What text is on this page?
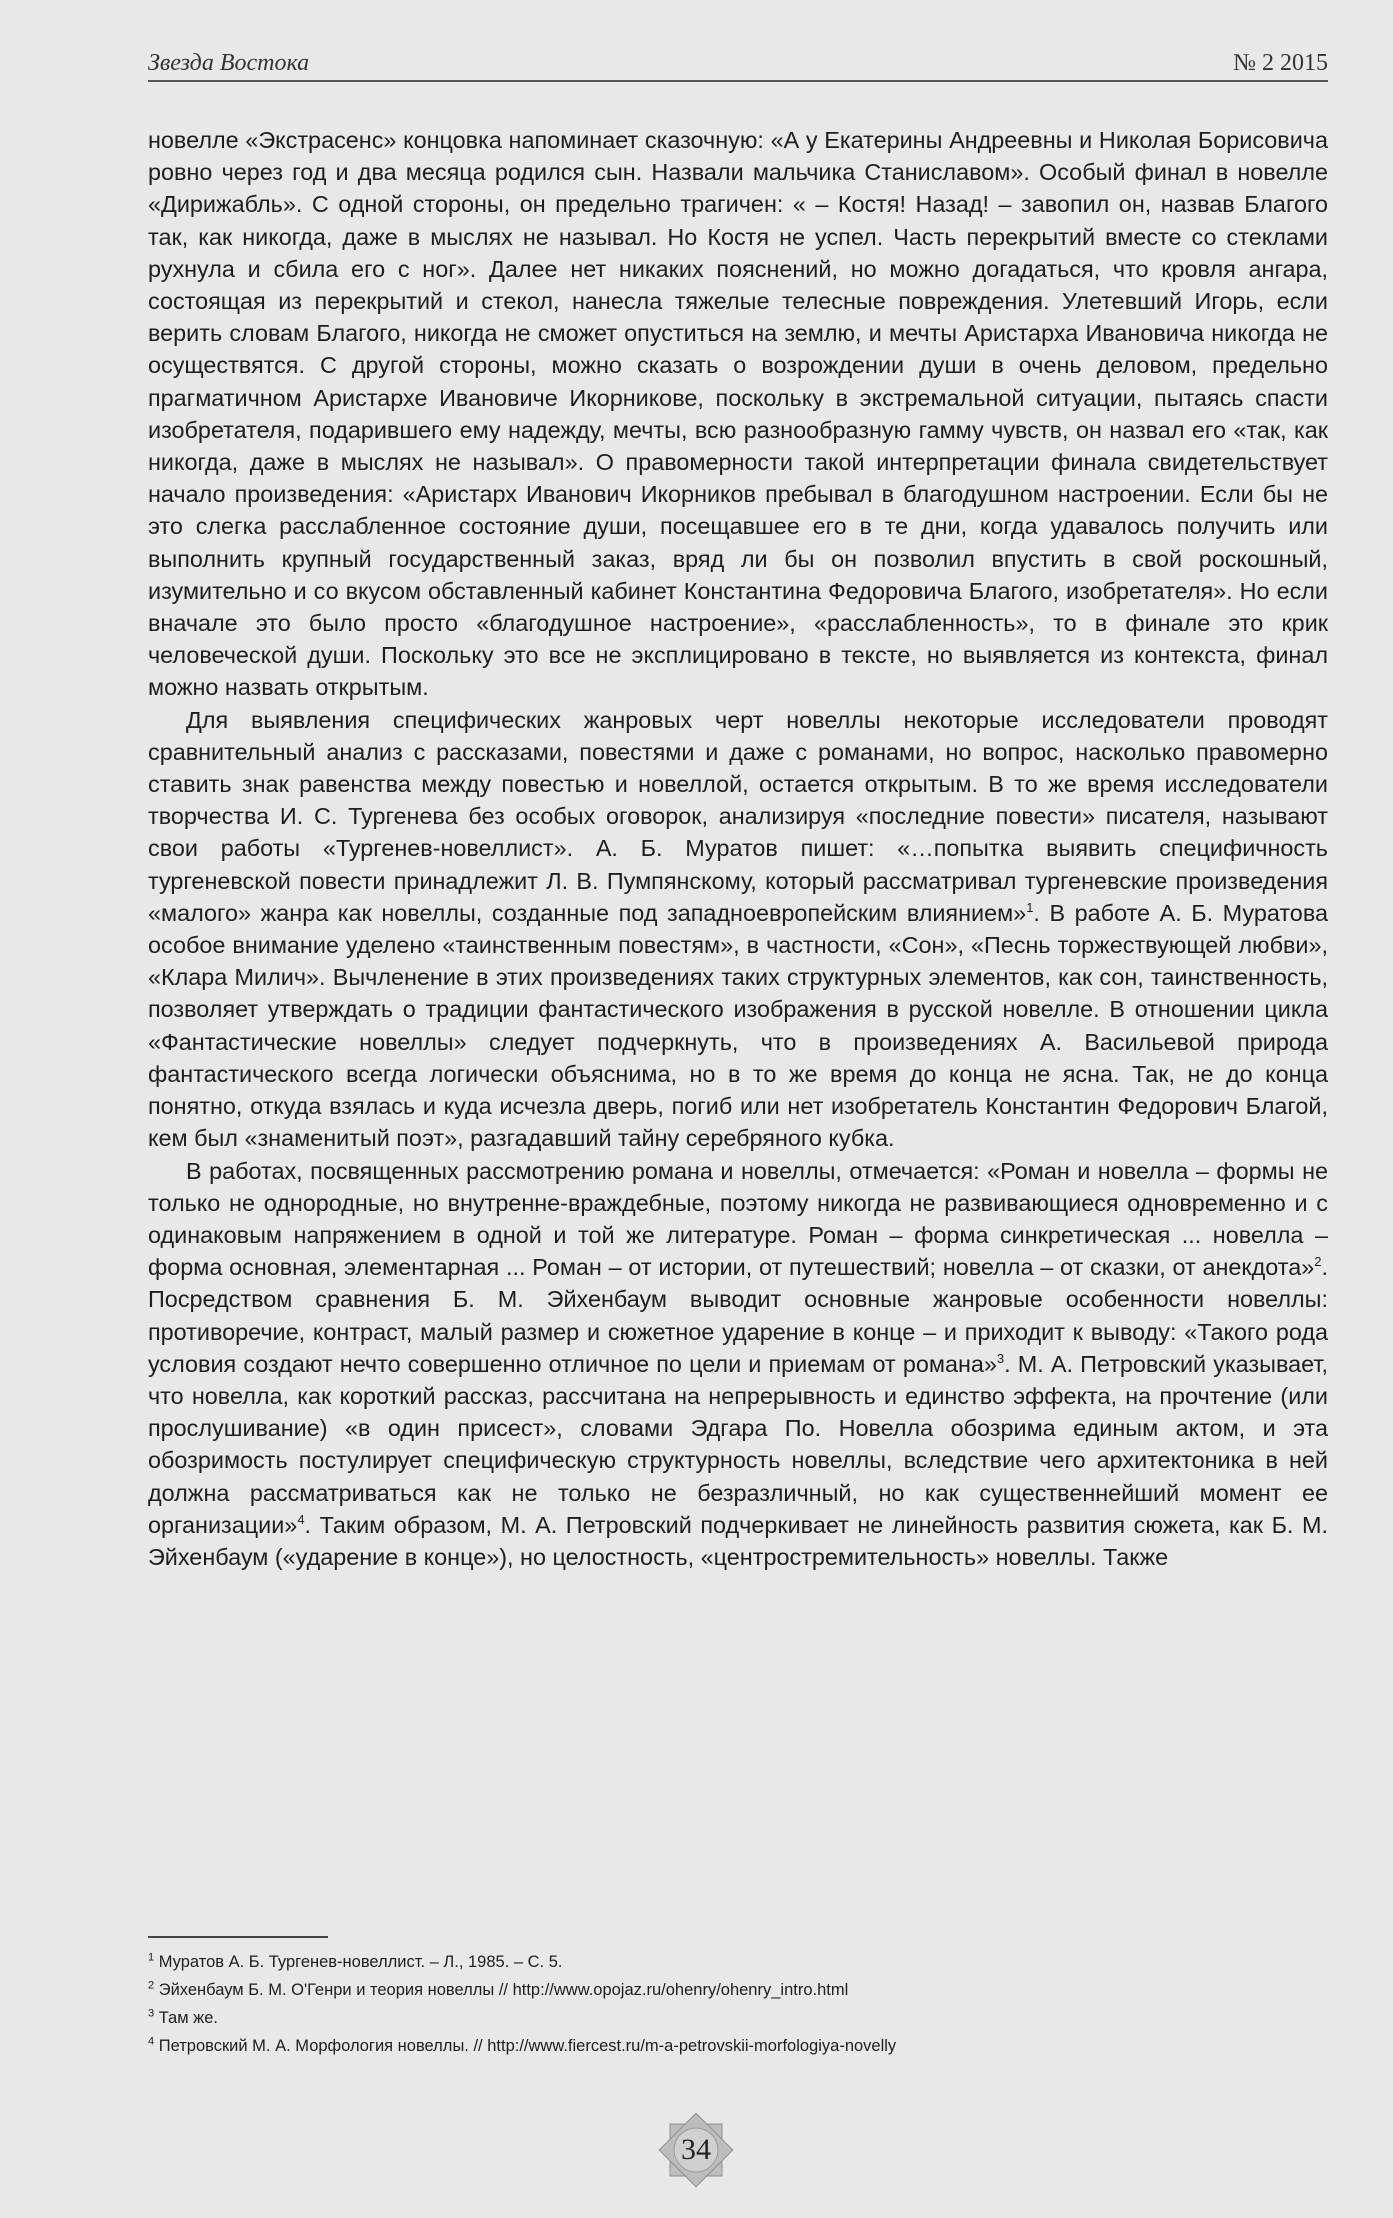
Звезда Востока	№ 2 2015

новелле «Экстрасенс» концовка напоминает сказочную: «А у Екатерины Андреевны и Николая Борисовича ровно через год и два месяца родился сын. Назвали мальчика Станиславом». Особый финал в новелле «Дирижабль». С одной стороны, он предельно трагичен: « – Костя! Назад! – завопил он, назвав Благого так, как никогда, даже в мыслях не называл. Но Костя не успел. Часть перекрытий вместе со стеклами рухнула и сбила его с ног». Далее нет никаких пояснений, но можно догадаться, что кровля ангара, состоящая из перекрытий и стекол, нанесла тяжелые телесные повреждения. Улетевший Игорь, если верить словам Благого, никогда не сможет опуститься на землю, и мечты Аристарха Ивановича никогда не осуществятся. С другой стороны, можно сказать о возрождении души в очень деловом, предельно прагматичном Аристархе Ивановиче Икорникове, поскольку в экстремальной ситуации, пытаясь спасти изобретателя, подарившего ему надежду, мечты, всю разнообразную гамму чувств, он назвал его «так, как никогда, даже в мыслях не называл». О правомерности такой интерпретации финала свидетельствует начало произведения: «Аристарх Иванович Икорников пребывал в благодушном настроении. Если бы не это слегка расслабленное состояние души, посещавшее его в те дни, когда удавалось получить или выполнить крупный государственный заказ, вряд ли бы он позволил впустить в свой роскошный, изумительно и со вкусом обставленный кабинет Константина Федоровича Благого, изобретателя». Но если вначале это было просто «благодушное настроение», «расслабленность», то в финале это крик человеческой души. Поскольку это все не эксплицировано в тексте, но выявляется из контекста, финал можно назвать открытым.

Для выявления специфических жанровых черт новеллы некоторые исследователи проводят сравнительный анализ с рассказами, повестями и даже с романами, но вопрос, насколько правомерно ставить знак равенства между повестью и новеллой, остается открытым. В то же время исследователи творчества И. С. Тургенева без особых оговорок, анализируя «последние повести» писателя, называют свои работы «Тургенев-новеллист». А. Б. Муратов пишет: «…попытка выявить специфичность тургеневской повести принадлежит Л. В. Пумпянскому, который рассматривал тургеневские произведения «малого» жанра как новеллы, созданные под западноевропейским влиянием»$^1$. В работе А. Б. Муратова особое внимание уделено «таинственным повестям», в частности, «Сон», «Песнь торжествующей любви», «Клара Милич». Вычленение в этих произведениях таких структурных элементов, как сон, таинственность, позволяет утверждать о традиции фантастического изображения в русской новелле. В отношении цикла «Фантастические новеллы» следует подчеркнуть, что в произведениях А. Васильевой природа фантастического всегда логически объяснима, но в то же время до конца не ясна. Так, не до конца понятно, откуда взялась и куда исчезла дверь, погиб или нет изобретатель Константин Федорович Благой, кем был «знаменитый поэт», разгадавший тайну серебряного кубка.

В работах, посвященных рассмотрению романа и новеллы, отмечается: «Роман и новелла – формы не только не однородные, но внутренне-враждебные, поэтому никогда не развивающиеся одновременно и с одинаковым напряжением в одной и той же литературе. Роман – форма синкретическая ... новелла – форма основная, элементарная ... Роман – от истории, от путешествий; новелла – от сказки, от анекдота»$^2$. Посредством сравнения Б. М. Эйхенбаум выводит основные жанровые особенности новеллы: противоречие, контраст, малый размер и сюжетное ударение в конце – и приходит к выводу: «Такого рода условия создают нечто совершенно отличное по цели и приемам от романа»$^3$. М. А. Петровский указывает, что новелла, как короткий рассказ, рассчитана на непрерывность и единство эффекта, на прочтение (или прослушивание) «в один присест», словами Эдгара По. Новелла обозрима единым актом, и эта обозримость постулирует специфическую структурность новеллы, вследствие чего архитектоника в ней должна рассматриваться как не только не безразличный, но как существеннейший момент ее организации»$^4$. Таким образом, М. А. Петровский подчеркивает не линейность развития сюжета, как Б. М. Эйхенбаум («ударение в конце»), но целостность, «центростремительность» новеллы. Также

$^1$ Муратов А. Б. Тургенев-новеллист. – Л., 1985. – С. 5.
$^2$ Эйхенбаум Б. М. О'Генри и теория новеллы // http://www.opojaz.ru/ohenry/ohenry_intro.html
$^3$ Там же.
$^4$ Петровский М. А. Морфология новеллы. // http://www.fiercest.ru/m-a-petrovskii-morfologiya-novelly
34
